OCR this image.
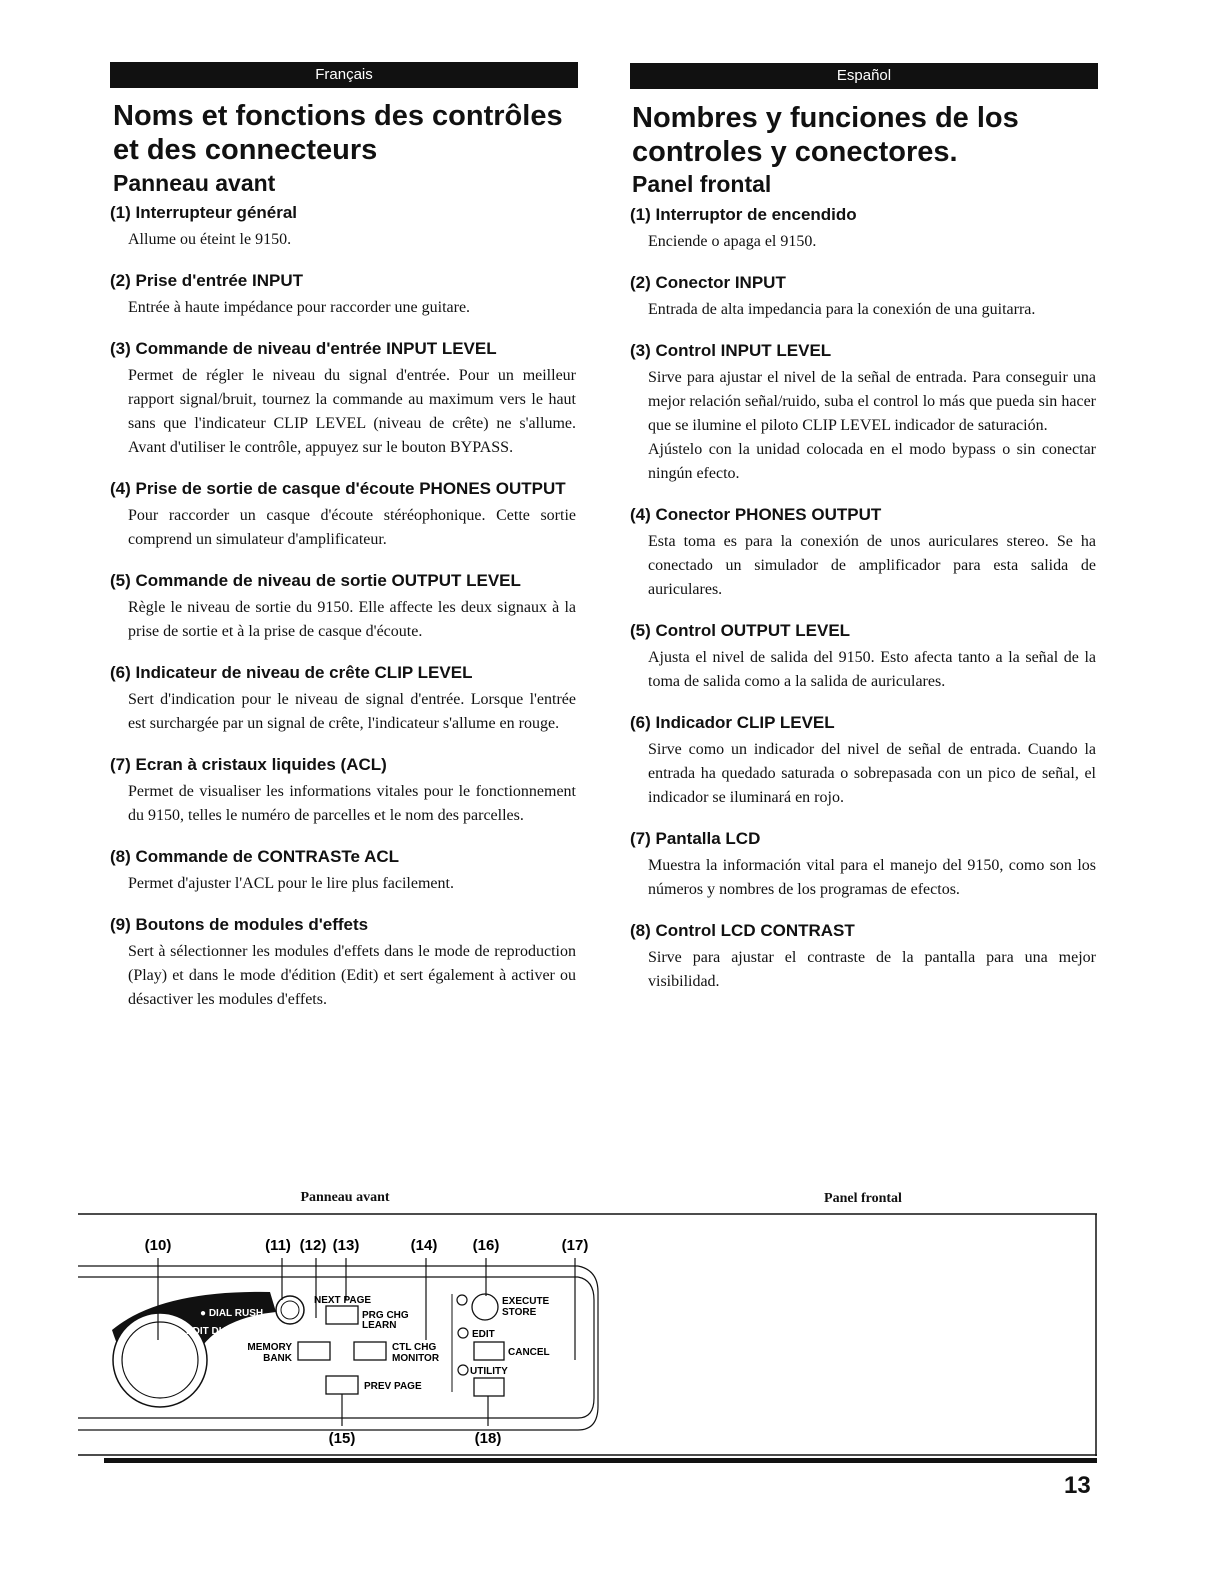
Français	Español
Noms et fonctions des contrôles et des connecteurs
Panneau avant
Nombres y funciones de los controles y conectores.
Panel frontal
(1) Interrupteur général
Allume ou éteint le 9150.
(2) Prise d'entrée INPUT
Entrée à haute impédance pour raccorder une guitare.
(3) Commande de niveau d'entrée INPUT LEVEL
Permet de régler le niveau du signal d'entrée. Pour un meilleur rapport signal/bruit, tournez la commande au maximum vers le haut sans que l'indicateur CLIP LEVEL (niveau de crête) ne s'allume. Avant d'utiliser le contrôle, appuyez sur le bouton BYPASS.
(4) Prise de sortie de casque d'écoute PHONES OUTPUT
Pour raccorder un casque d'écoute stéréophonique. Cette sortie comprend un simulateur d'amplificateur.
(5) Commande de niveau de sortie OUTPUT LEVEL
Règle le niveau de sortie du 9150. Elle affecte les deux signaux à la prise de sortie et à la prise de casque d'écoute.
(6) Indicateur de niveau de crête CLIP LEVEL
Sert d'indication pour le niveau de signal d'entrée. Lorsque l'entrée est surchargée par un signal de crête, l'indicateur s'allume en rouge.
(7) Ecran à cristaux liquides (ACL)
Permet de visualiser les informations vitales pour le fonctionnement du 9150, telles le numéro de parcelles et le nom des parcelles.
(8) Commande de CONTRASTe ACL
Permet d'ajuster l'ACL pour le lire plus facilement.
(9) Boutons de modules d'effets
Sert à sélectionner les modules d'effets dans le mode de reproduction (Play) et dans le mode d'édition (Edit) et sert également à activer ou désactiver les modules d'effets.
(1) Interruptor de encendido
Enciende o apaga el 9150.
(2) Conector INPUT
Entrada de alta impedancia para la conexión de una guitarra.
(3) Control INPUT LEVEL
Sirve para ajustar el nivel de la señal de entrada. Para conseguir una mejor relación señal/ruido, suba el control lo más que pueda sin hacer que se ilumine el piloto CLIP LEVEL indicador de saturación.
Ajústelo con la unidad colocada en el modo bypass o sin conectar ningún efecto.
(4) Conector PHONES OUTPUT
Esta toma es para la conexión de unos auriculares stereo. Se ha conectado un simulador de amplificador para esta salida de auriculares.
(5) Control OUTPUT LEVEL
Ajusta el nivel de salida del 9150. Esto afecta tanto a la señal de la toma de salida como a la salida de auriculares.
(6) Indicador CLIP LEVEL
Sirve como un indicador del nivel de señal de entrada. Cuando la entrada ha quedado saturada o sobrepasada con un pico de señal, el indicador se iluminará en rojo.
(7) Pantalla LCD
Muestra la información vital para el manejo del 9150, como son los números y nombres de los programas de efectos.
(8) Control LCD CONTRAST
Sirve para ajustar el contraste de la pantalla para una mejor visibilidad.
Panneau avant	Panel frontal
(10)	(11) (12) (13)	(14) (16)	(17)
(15)	(18)
● DIAL RUSH
EDIT DIAL
NEXT PAGE
PRG CHG
LEARN
MEMORY
BANK
CTL CHG
MONITOR
PREV PAGE
EXECUTE
STORE
EDIT
CANCEL
UTILITY
13
